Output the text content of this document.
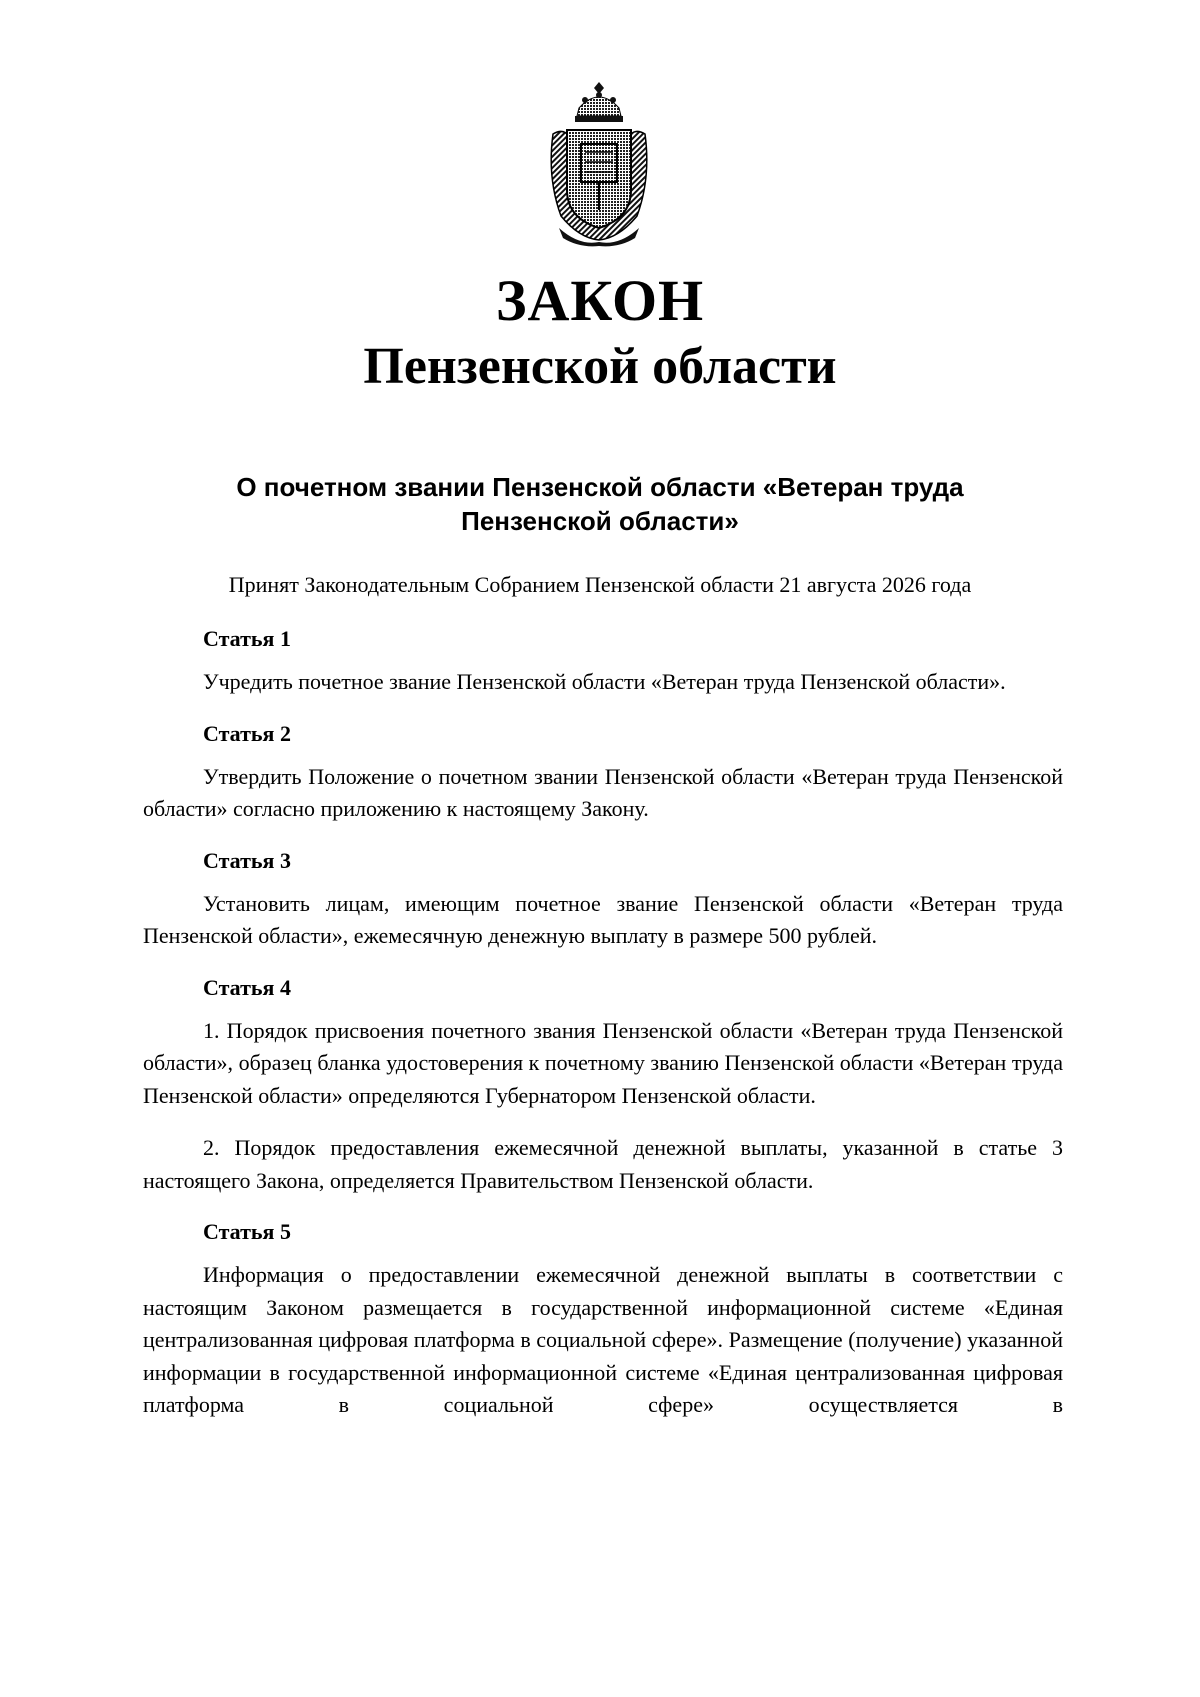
ЗАКОН
Пензенской области
О почетном звании Пензенской области «Ветеран труда Пензенской области»
Принят Законодательным Собранием Пензенской области 21 августа 2026 года
Статья 1

Учредить почетное звание Пензенской области «Ветеран труда Пензенской области».

Статья 2

Утвердить Положение о почетном звании Пензенской области «Ветеран труда Пензенской области» согласно приложению к настоящему Закону.

Статья 3

Установить лицам, имеющим почетное звание Пензенской области «Ветеран труда Пензенской области», ежемесячную денежную выплату в размере 500 рублей.

Статья 4

1. Порядок присвоения почетного звания Пензенской области «Ветеран труда Пензенской области», образец бланка удостоверения к почетному званию Пензенской области «Ветеран труда Пензенской области» определяются Губернатором Пензенской области.

2. Порядок предоставления ежемесячной денежной выплаты, указанной в статье 3 настоящего Закона, определяется Правительством Пензенской области.

Статья 5

Информация о предоставлении ежемесячной денежной выплаты в соответствии с настоящим Законом размещается в государственной информационной системе «Единая централизованная цифровая платформа в социальной сфере». Размещение (получение) указанной информации в государственной информационной системе «Единая централизованная цифровая платформа в социальной сфере» осуществляется в
